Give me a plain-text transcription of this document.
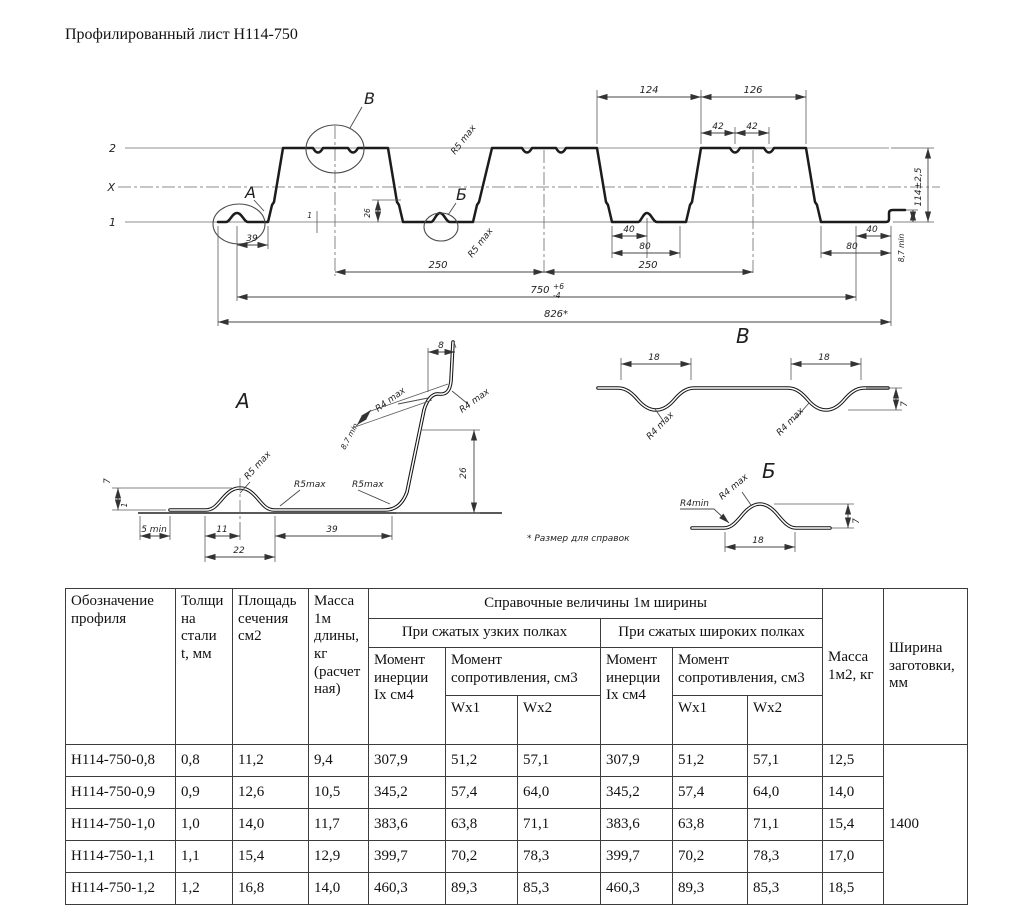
Профилированный лист Н114-750
2
X
1
В
А	Б
124	126
42	42
114±2,5
8,7 min
R5 max
R5 max
26
1
39
40
80
40
80
250	250
750 +6
-4
826*
А
7
1
5 min	11	39
22
26
8
8,7 min
R4 max	R4 max
R5 max
R5max	R5max
В
18	18
7
R4 max	R4 max
Б
18
7
R4min
R4 max
* Размер для справок
Обозначение профиля	Толщина стали t, мм	Площадь сечения см2	Масса 1м длины, кг (расчетная)	Справочные величины 1м ширины						Масса 1м2, кг	Ширина заготовки, мм
				При сжатых узких полках			При сжатых широких полках				
				Момент инерции Ix см4	Момент сопротивления, см3		Момент инерции Ix см4	Момент сопротивления, см3			
					Wx1	Wx2		Wx1	Wx2		
Н114-750-0,8	0,8	11,2	9,4	307,9	51,2	57,1	307,9	51,2	57,1	12,5	1400
Н114-750-0,9	0,9	12,6	10,5	345,2	57,4	64,0	345,2	57,4	64,0	14,0	
Н114-750-1,0	1,0	14,0	11,7	383,6	63,8	71,1	383,6	63,8	71,1	15,4	
Н114-750-1,1	1,1	15,4	12,9	399,7	70,2	78,3	399,7	70,2	78,3	17,0	
Н114-750-1,2	1,2	16,8	14,0	460,3	89,3	85,3	460,3	89,3	85,3	18,5	
